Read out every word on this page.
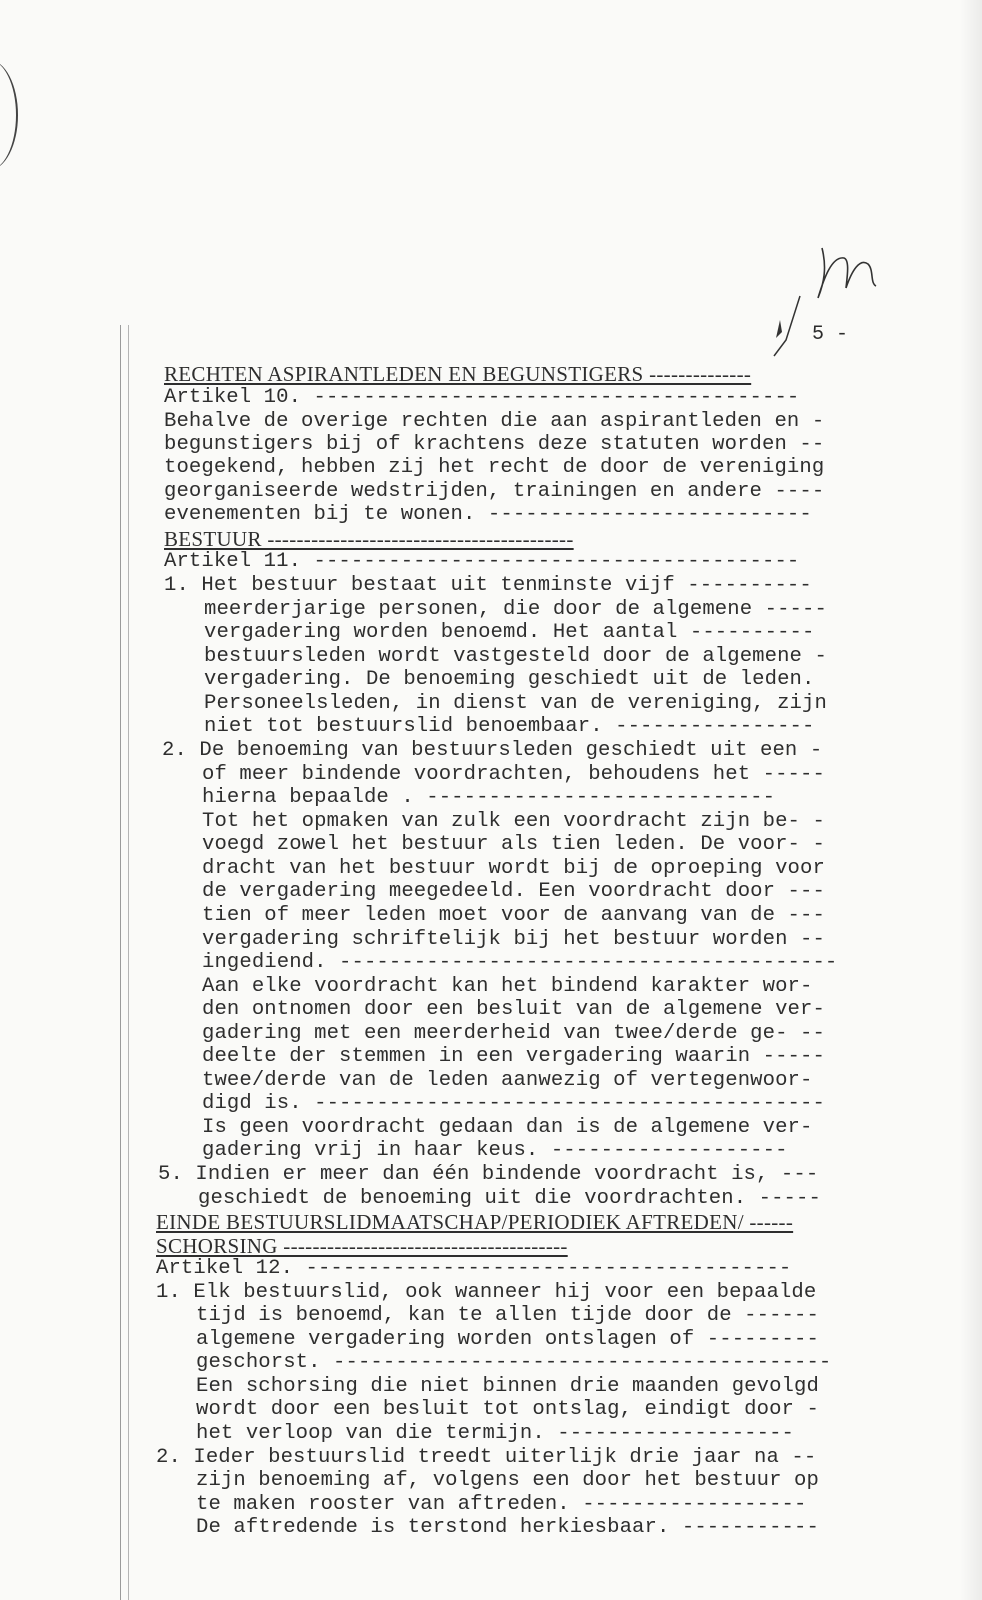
5 -
RECHTEN ASPIRANTLEDEN EN BEGUNSTIGERS --------------
Artikel 10. ---------------------------------------
Behalve de overige rechten die aan aspirantleden en -
begunstigers bij of krachtens deze statuten worden --
toegekend, hebben zij het recht de door de vereniging
georganiseerde wedstrijden, trainingen en andere ----
evenementen bij te wonen. --------------------------
BESTUUR ------------------------------------------
Artikel 11. ---------------------------------------
1. Het bestuur bestaat uit tenminste vijf ----------
meerderjarige personen, die door de algemene -----
vergadering worden benoemd. Het aantal ----------
bestuursleden wordt vastgesteld door de algemene -
vergadering. De benoeming geschiedt uit de leden.
Personeelsleden, in dienst van de vereniging, zijn
niet tot bestuurslid benoembaar. ----------------
2. De benoeming van bestuursleden geschiedt uit een -
of meer bindende voordrachten, behoudens het -----
hierna bepaalde . ----------------------------
Tot het opmaken van zulk een voordracht zijn be- -
voegd zowel het bestuur als tien leden. De voor- -
dracht van het bestuur wordt bij de oproeping voor
de vergadering meegedeeld. Een voordracht door ---
tien of meer leden moet voor de aanvang van de ---
vergadering schriftelijk bij het bestuur worden --
ingediend. ----------------------------------------
Aan elke voordracht kan het bindend karakter wor-
den ontnomen door een besluit van de algemene ver-
gadering met een meerderheid van twee/derde ge- --
deelte der stemmen in een vergadering waarin -----
twee/derde van de leden aanwezig of vertegenwoor-
digd is. -----------------------------------------
Is geen voordracht gedaan dan is de algemene ver-
gadering vrij in haar keus. -------------------
5. Indien er meer dan één bindende voordracht is, ---
geschiedt de benoeming uit die voordrachten. -----
EINDE BESTUURSLIDMAATSCHAP/PERIODIEK AFTREDEN/ ------
SCHORSING ---------------------------------------
Artikel 12. ---------------------------------------
1. Elk bestuurslid, ook wanneer hij voor een bepaalde
tijd is benoemd, kan te allen tijde door de ------
algemene vergadering worden ontslagen of ---------
geschorst. ----------------------------------------
Een schorsing die niet binnen drie maanden gevolgd
wordt door een besluit tot ontslag, eindigt door -
het verloop van die termijn. -------------------
2. Ieder bestuurslid treedt uiterlijk drie jaar na --
zijn benoeming af, volgens een door het bestuur op
te maken rooster van aftreden. ------------------
De aftredende is terstond herkiesbaar. -----------
